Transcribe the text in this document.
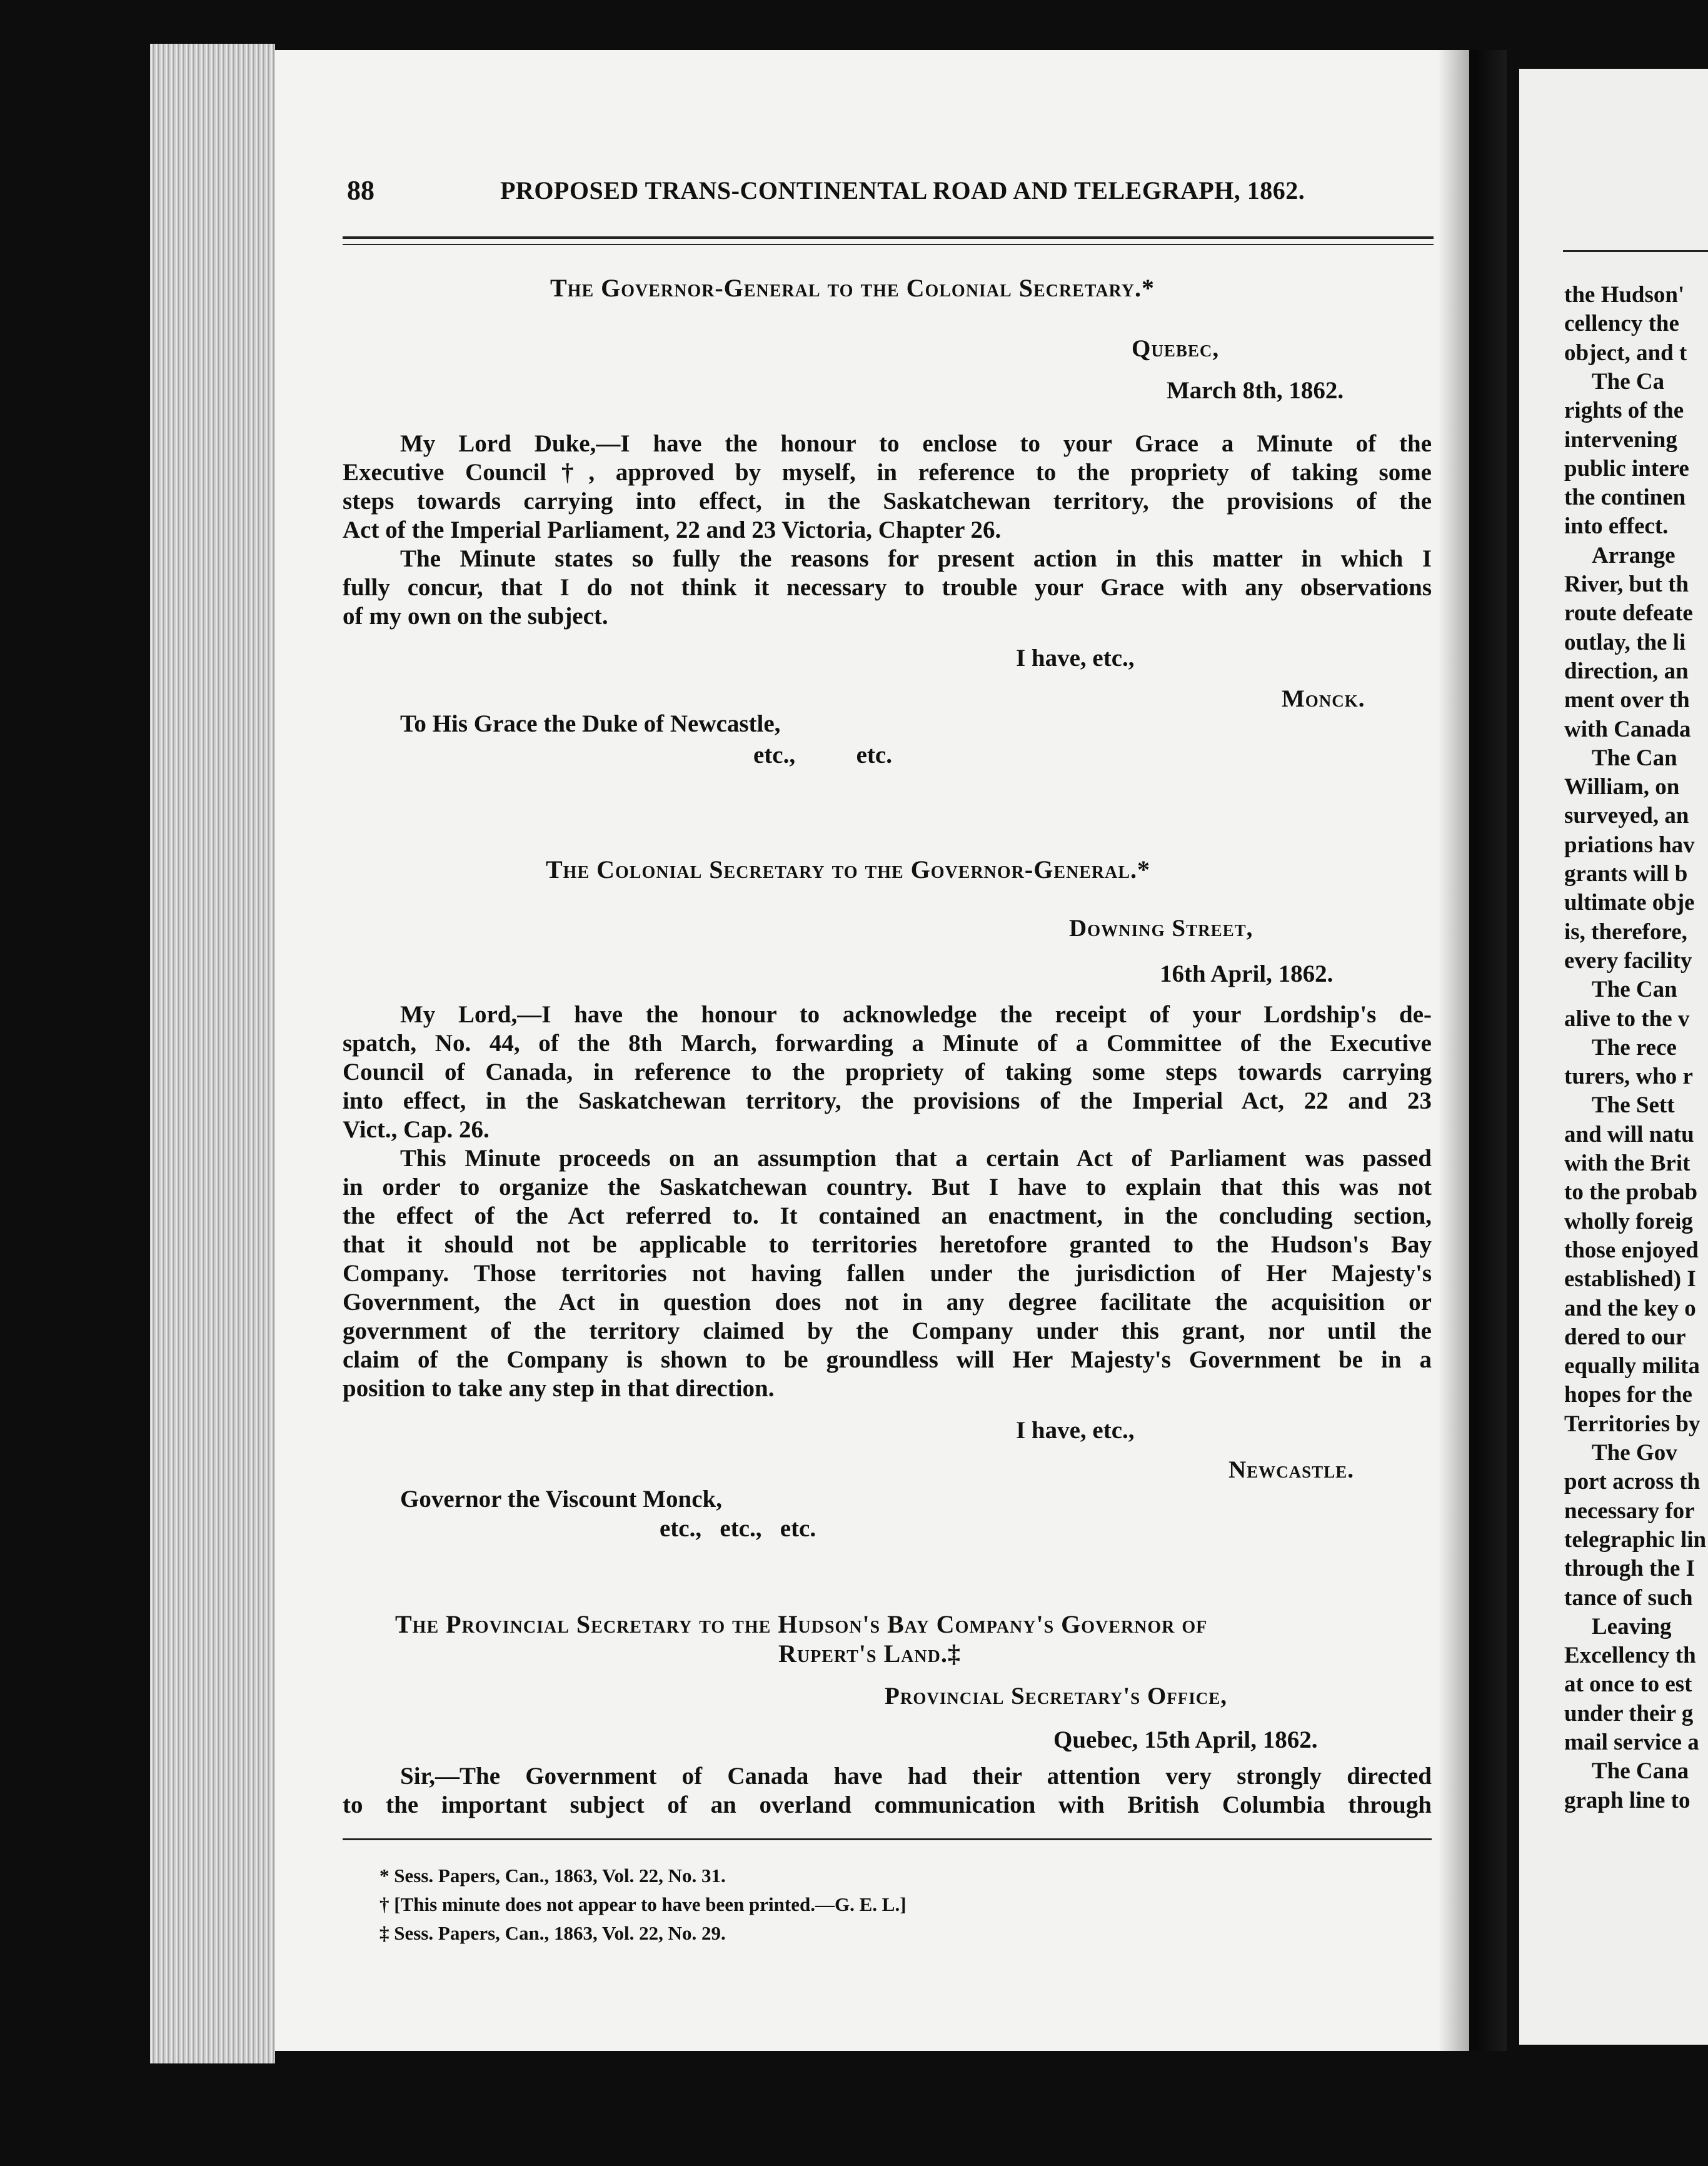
88	PROPOSED TRANS-CONTINENTAL ROAD AND TELEGRAPH, 1862.
The Governor-General to the Colonial Secretary.*
Quebec,
March 8th, 1862.
My Lord Duke,—I have the honour to enclose to your Grace a Minute of the
Executive Council†, approved by myself, in reference to the propriety of taking some
steps towards carrying into effect, in the Saskatchewan territory, the provisions of the
Act of the Imperial Parliament, 22 and 23 Victoria, Chapter 26.
The Minute states so fully the reasons for present action in this matter in which I
fully concur, that I do not think it necessary to trouble your Grace with any observations
of my own on the subject.
I have, etc.,
Monck.
To His Grace the Duke of Newcastle,
etc.,          etc.
The Colonial Secretary to the Governor-General.*
Downing Street,
16th April, 1862.
My Lord,—I have the honour to acknowledge the receipt of your Lordship's de-
spatch, No. 44, of the 8th March, forwarding a Minute of a Committee of the Executive
Council of Canada, in reference to the propriety of taking some steps towards carrying
into effect, in the Saskatchewan territory, the provisions of the Imperial Act, 22 and 23
Vict., Cap. 26.
This Minute proceeds on an assumption that a certain Act of Parliament was passed
in order to organize the Saskatchewan country. But I have to explain that this was not
the effect of the Act referred to. It contained an enactment, in the concluding section,
that it should not be applicable to territories heretofore granted to the Hudson's Bay
Company. Those territories not having fallen under the jurisdiction of Her Majesty's
Government, the Act in question does not in any degree facilitate the acquisition or
government of the territory claimed by the Company under this grant, nor until the
claim of the Company is shown to be groundless will Her Majesty's Government be in a
position to take any step in that direction.
I have, etc.,
Newcastle.
Governor the Viscount Monck,
etc.,   etc.,   etc.
The Provincial Secretary to the Hudson's Bay Company's Governor of
Rupert's Land.‡
Provincial Secretary's Office,
Quebec, 15th April, 1862.
Sir,—The Government of Canada have had their attention very strongly directed
to the important subject of an overland communication with British Columbia through
* Sess. Papers, Can., 1863, Vol. 22, No. 31.
† [This minute does not appear to have been printed.—G. E. L.]
‡ Sess. Papers, Can., 1863, Vol. 22, No. 29.
the Hudson'
cellency the
object, and t
The Ca
rights of the
intervening
public intere
the continen
into effect.
Arrange
River, but th
route defeate
outlay, the li
direction, an
ment over th
with Canada
The Can
William, on
surveyed, an
priations hav
grants will b
ultimate obje
is, therefore,
every facility
The Can
alive to the v
The rece
turers, who r
The Sett
and will natu
with the Brit
to the probab
wholly foreig
those enjoyed
established) I
and the key o
dered to our
equally milita
hopes for the
Territories by
The Gov
port across th
necessary for
telegraphic lin
through the I
tance of such
Leaving
Excellency th
at once to est
under their g
mail service a
The Cana
graph line to
